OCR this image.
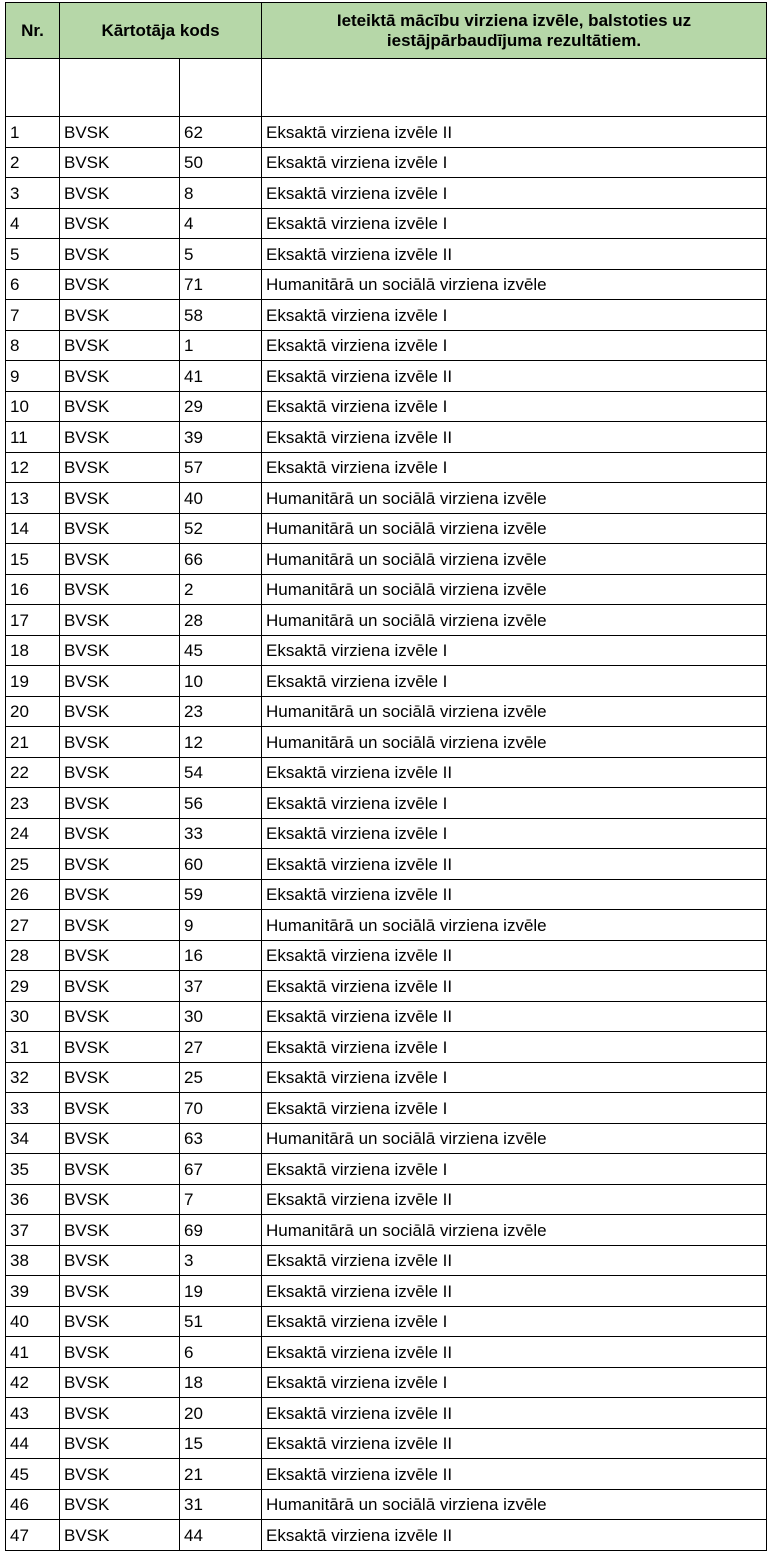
Nr.	Kārtotāja kods		Ieteiktā mācību virziena izvēle, balstoties uz iestājpārbaudījuma rezultātiem.

1	BVSK	62	Eksaktā virziena izvēle II
2	BVSK	50	Eksaktā virziena izvēle I
3	BVSK	8	Eksaktā virziena izvēle I
4	BVSK	4	Eksaktā virziena izvēle I
5	BVSK	5	Eksaktā virziena izvēle II
6	BVSK	71	Humanitārā un sociālā virziena izvēle
7	BVSK	58	Eksaktā virziena izvēle I
8	BVSK	1	Eksaktā virziena izvēle I
9	BVSK	41	Eksaktā virziena izvēle II
10	BVSK	29	Eksaktā virziena izvēle I
11	BVSK	39	Eksaktā virziena izvēle II
12	BVSK	57	Eksaktā virziena izvēle I
13	BVSK	40	Humanitārā un sociālā virziena izvēle
14	BVSK	52	Humanitārā un sociālā virziena izvēle
15	BVSK	66	Humanitārā un sociālā virziena izvēle
16	BVSK	2	Humanitārā un sociālā virziena izvēle
17	BVSK	28	Humanitārā un sociālā virziena izvēle
18	BVSK	45	Eksaktā virziena izvēle I
19	BVSK	10	Eksaktā virziena izvēle I
20	BVSK	23	Humanitārā un sociālā virziena izvēle
21	BVSK	12	Humanitārā un sociālā virziena izvēle
22	BVSK	54	Eksaktā virziena izvēle II
23	BVSK	56	Eksaktā virziena izvēle I
24	BVSK	33	Eksaktā virziena izvēle I
25	BVSK	60	Eksaktā virziena izvēle II
26	BVSK	59	Eksaktā virziena izvēle II
27	BVSK	9	Humanitārā un sociālā virziena izvēle
28	BVSK	16	Eksaktā virziena izvēle II
29	BVSK	37	Eksaktā virziena izvēle II
30	BVSK	30	Eksaktā virziena izvēle II
31	BVSK	27	Eksaktā virziena izvēle I
32	BVSK	25	Eksaktā virziena izvēle I
33	BVSK	70	Eksaktā virziena izvēle I
34	BVSK	63	Humanitārā un sociālā virziena izvēle
35	BVSK	67	Eksaktā virziena izvēle I
36	BVSK	7	Eksaktā virziena izvēle II
37	BVSK	69	Humanitārā un sociālā virziena izvēle
38	BVSK	3	Eksaktā virziena izvēle II
39	BVSK	19	Eksaktā virziena izvēle II
40	BVSK	51	Eksaktā virziena izvēle I
41	BVSK	6	Eksaktā virziena izvēle II
42	BVSK	18	Eksaktā virziena izvēle I
43	BVSK	20	Eksaktā virziena izvēle II
44	BVSK	15	Eksaktā virziena izvēle II
45	BVSK	21	Eksaktā virziena izvēle II
46	BVSK	31	Humanitārā un sociālā virziena izvēle
47	BVSK	44	Eksaktā virziena izvēle II
